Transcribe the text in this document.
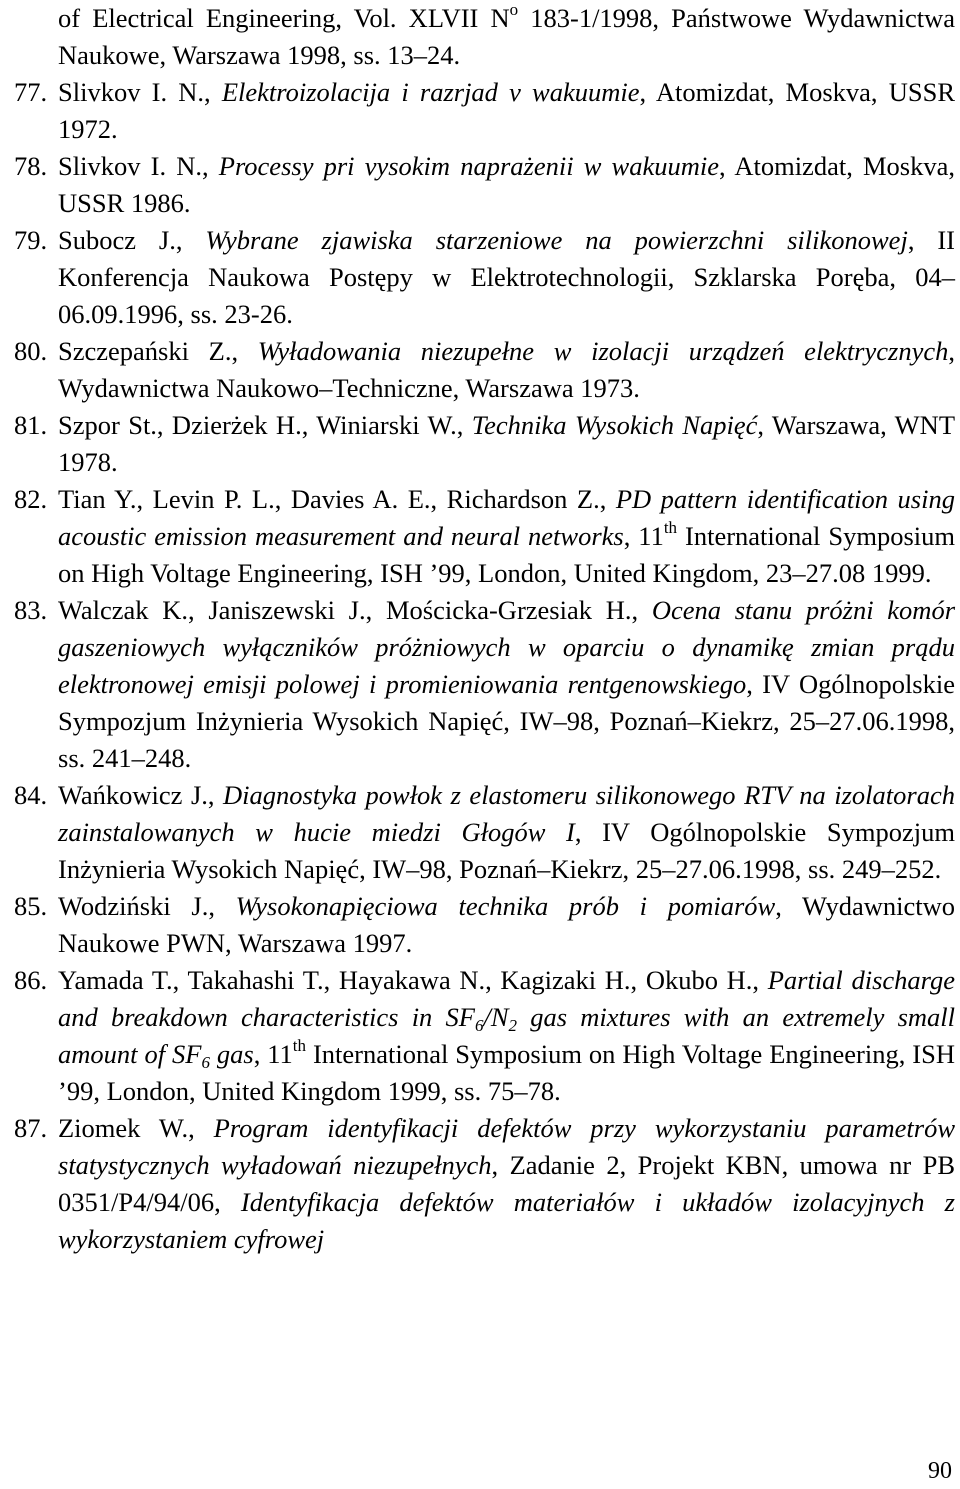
of Electrical Engineering, Vol. XLVII $N^o$ 183-1/1998, Państwowe Wydawnictwa Naukowe, Warszawa 1998, ss. 13–24.
77. Slivkov I. N., Elektroizolacija i razrjad v wakuumie, Atomizdat, Moskva, USSR 1972.
78. Slivkov I. N., Processy pri vysokim naprażenii w wakuumie, Atomizdat, Moskva, USSR 1986.
79. Subocz J., Wybrane zjawiska starzeniowe na powierzchni silikonowej, II Konferencja Naukowa Postępy w Elektrotechnologii, Szklarska Poręba, 04–06.09.1996, ss. 23-26.
80. Szczepański Z., Wyładowania niezupełne w izolacji urządzeń elektrycznych, Wydawnictwa Naukowo–Techniczne, Warszawa 1973.
81. Szpor St., Dzierżek H., Winiarski W., Technika Wysokich Napięć, Warszawa, WNT 1978.
82. Tian Y., Levin P. L., Davies A. E., Richardson Z., PD pattern identification using acoustic emission measurement and neural networks, 11th International Symposium on High Voltage Engineering, ISH ’99, London, United Kingdom, 23–27.08 1999.
83. Walczak K., Janiszewski J., Mościcka-Grzesiak H., Ocena stanu próżni komór gaszeniowych wyłączników próżniowych w oparciu o dynamikę zmian prądu elektronowej emisji polowej i promieniowania rentgenowskiego, IV Ogólnopolskie Sympozjum Inżynieria Wysokich Napięć, IW–98, Poznań–Kiekrz, 25–27.06.1998, ss. 241–248.
84. Wańkowicz J., Diagnostyka powłok z elastomeru silikonowego RTV na izolatorach zainstalowanych w hucie miedzi Głogów I, IV Ogólnopolskie Sympozjum Inżynieria Wysokich Napięć, IW–98, Poznań–Kiekrz, 25–27.06.1998, ss. 249–252.
85. Wodziński J., Wysokonapięciowa technika prób i pomiarów, Wydawnictwo Naukowe PWN, Warszawa 1997.
86. Yamada T., Takahashi T., Hayakawa N., Kagizaki H., Okubo H., Partial discharge and breakdown characteristics in $SF_6/N_2$ gas mixtures with an extremely small amount of $SF_6$ gas, 11th International Symposium on High Voltage Engineering, ISH ’99, London, United Kingdom 1999, ss. 75–78.
87. Ziomek W., Program identyfikacji defektów przy wykorzystaniu parametrów statystycznych wyładowań niezupełnych, Zadanie 2, Projekt KBN, umowa nr PB 0351/P4/94/06, Identyfikacja defektów materiałów i układów izolacyjnych z wykorzystaniem cyfrowej
90
